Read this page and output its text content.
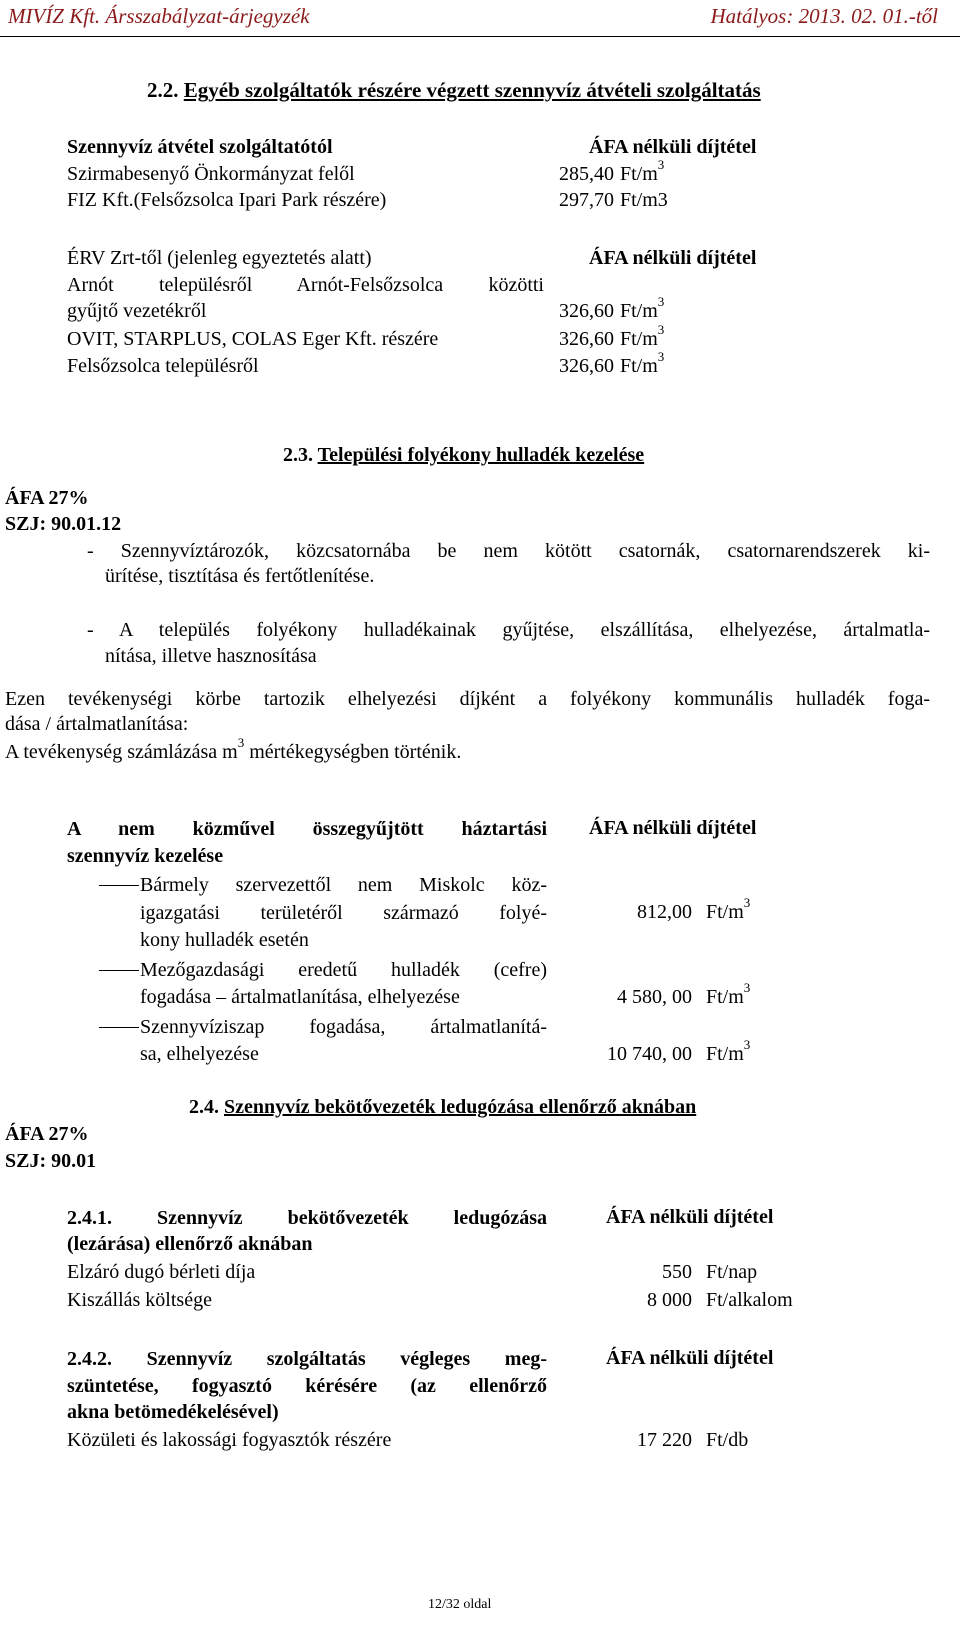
MIVÍZ Kft. Ársszabályzat-árjegyzék	Hatályos: 2013. 02. 01.-től
2.2. Egyéb szolgáltatók részére végzett szennyvíz átvételi szolgáltatás
Szennyvíz átvétel szolgáltatótól	ÁFA nélküli díjtétel
Szirmabesenyő Önkormányzat felől	285,40 $Ft/m^3$
FIZ Kft.(Felsőzsolca Ipari Park részére)	297,70 Ft/m3
ÉRV Zrt-től (jelenleg egyeztetés alatt)	ÁFA nélküli díjtétel
Arnót településről Arnót-Felsőzsolca közötti
gyűjtő vezetékről	326,60 $Ft/m^3$
OVIT, STARPLUS, COLAS Eger Kft. részére	326,60 $Ft/m^3$
Felsőzsolca településről	326,60 $Ft/m^3$
2.3. Települési folyékony hulladék kezelése
ÁFA 27%
SZJ: 90.01.12
- Szennyvíztározók, közcsatornába be nem kötött csatornák, csatornarendszerek ki-
ürítése, tisztítása és fertőtlenítése.
- A település folyékony hulladékainak gyűjtése, elszállítása, elhelyezése, ártalmatla-
nítása, illetve hasznosítása
Ezen tevékenységi körbe tartozik elhelyezési díjként a folyékony kommunális hulladék foga-
dása / ártalmatlanítása:
A tevékenység számlázása $m^3$ mértékegységben történik.
A nem közművel összegyűjtött háztartási
szennyvíz kezelése
ÁFA nélküli díjtétel
Bármely szervezettől nem Miskolc köz-
igazgatási területéről származó folyé-
kony hulladék esetén
812,00 $Ft/m^3$
Mezőgazdasági eredetű hulladék (cefre)
fogadása – ártalmatlanítása, elhelyezése	4 580, 00 $Ft/m^3$
Szennyvíziszap fogadása, ártalmatlanítá-
sa, elhelyezése	10 740, 00 $Ft/m^3$
2.4. Szennyvíz bekötővezeték ledugózása ellenőrző aknában
ÁFA 27%
SZJ: 90.01
2.4.1. Szennyvíz bekötővezeték ledugózása
(lezárása) ellenőrző aknában
ÁFA nélküli díjtétel
Elzáró dugó bérleti díja	550 Ft/nap
Kiszállás költsége	8 000 Ft/alkalom
2.4.2. Szennyvíz szolgáltatás végleges meg-
szüntetése, fogyasztó kérésére (az ellenőrző
akna betömedékelésével)
ÁFA nélküli díjtétel
Közületi és lakossági fogyasztók részére	17 220 Ft/db
12/32 oldal
